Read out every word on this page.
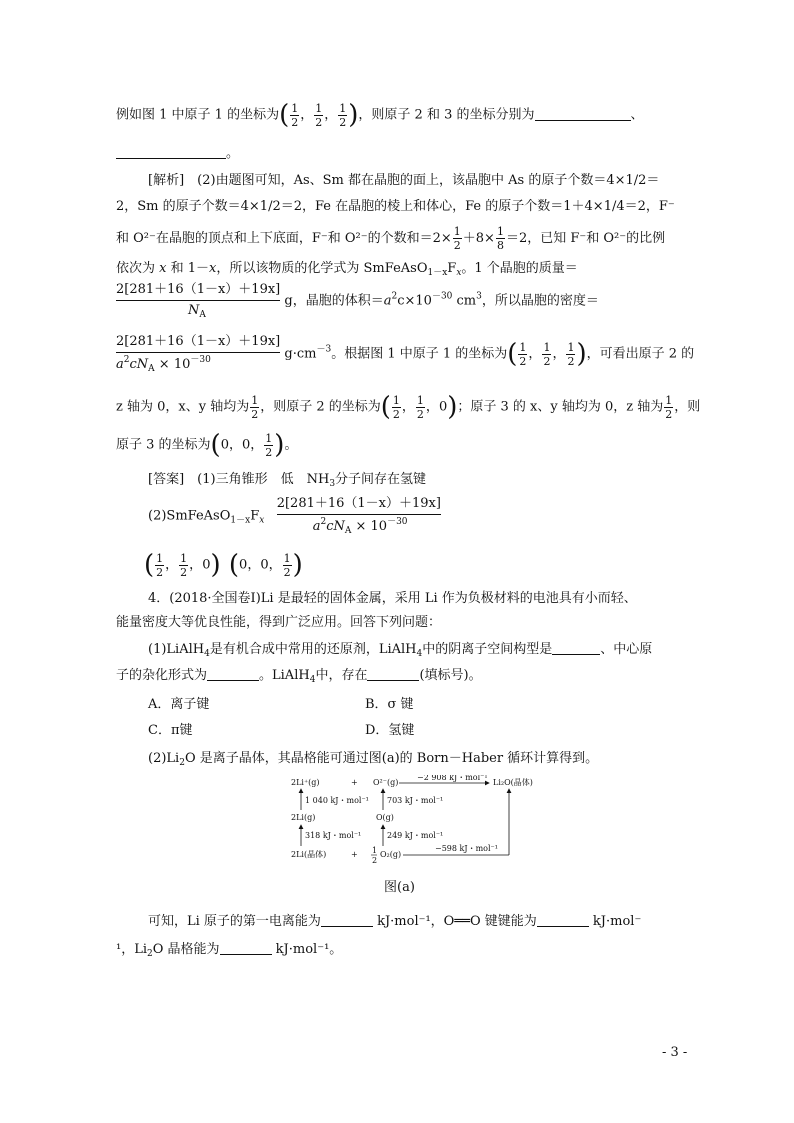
例如图 1 中原子 1 的坐标为( $\frac{1}{2}$ ， $\frac{1}{2}$ ， $\frac{1}{2}$ )，则原子 2 和 3 的坐标分别为	、
。
[解析]　 (2)由题图可知，As、Sm 都在晶胞的面上，该晶胞中 As 的原子个数＝4×1/2＝
2，Sm 的原子个数＝4×1/2＝2，Fe 在晶胞的棱上和体心，Fe 的原子个数＝1＋4×1/4＝2，F⁻
和 O²⁻在晶胞的顶点和上下底面，F⁻和 O²⁻的个数和$=2\times \frac{1}{2} +8\times \frac{1}{8} =2$，已知 F⁻和 O²⁻的比例
依次为 x 和 1－x，所以该物质的化学式为 $SmFeAsO_{1-x}F_x$。1 个晶胞的质量＝
$\frac{2[281+16(1-x)+19x]}{N_A}$ g，晶胞的体积$=a^2c\times 10^{-30}$ $cm^3$，所以晶胞的密度＝
$\frac{2[281+16(1-x)+19x]}{a^2cN_A \times 10^{-30}} g\cdot cm^{-3}$。根据图 1 中原子 1 的坐标为( $\frac{1}{2}$ ， $\frac{1}{2}$ ， $\frac{1}{2}$ )，可看出原子 2 的
z 轴为 0，x、y 轴均为 $\frac{1}{2}$ ，则原子 2 的坐标为( $\frac{1}{2}$ ， $\frac{1}{2}$ ，0)；原子 3 的 x、y 轴均为 0，z 轴为 $\frac{1}{2}$ ，则
原子 3 的坐标为(0，0， $\frac{1}{2}$ )。
[答案]　 (1)三角锥形　低　$NH_3$分子间存在氢键
$(2)SmFeAsO_{1-x}F_x \frac{2[281+16(1-x)+19x]}{a^2cN_A \times 10^{-30}}$
( $\frac{1}{2}$ ， $\frac{1}{2}$ ，0) (0，0， $\frac{1}{2}$ )
4．(2018·全国卷Ⅰ)Li 是最轻的固体金属，采用 Li 作为负极材料的电池具有小而轻、
能量密度大等优良性能，得到广泛应用。回答下列问题：
(1)LiAlH$_4$是有机合成中常用的还原剂，LiAlH$_4$中的阴离子空间构型是	、中心原
子的杂化形式为	。LiAlH$_4$中，存在	(填标号)。
A．离子键	B．σ 键
C．π键	D．氢键
$(2)Li_2O$ 是离子晶体，其晶格能可通过图(a)的 Born－Haber 循环计算得到。
2Li⁺(g)	+ O²⁻(g)
−2 908 kJ・mol⁻¹
Li₂O(晶体)
1 040 kJ・mol⁻¹ 703 kJ・mol⁻¹
2Li(g)	O(g)
318 kJ・mol⁻¹	249 kJ・mol⁻¹
2Li(晶体)	+ 1
2
O₂(g)
−598 kJ・mol⁻¹
图(a)
可知，Li 原子的第一电离能为	kJ·mol⁻¹，O══O 键键能为	kJ·mol⁻
¹，$Li_2O$ 晶格能为	kJ·mol⁻¹。
- 3 -
